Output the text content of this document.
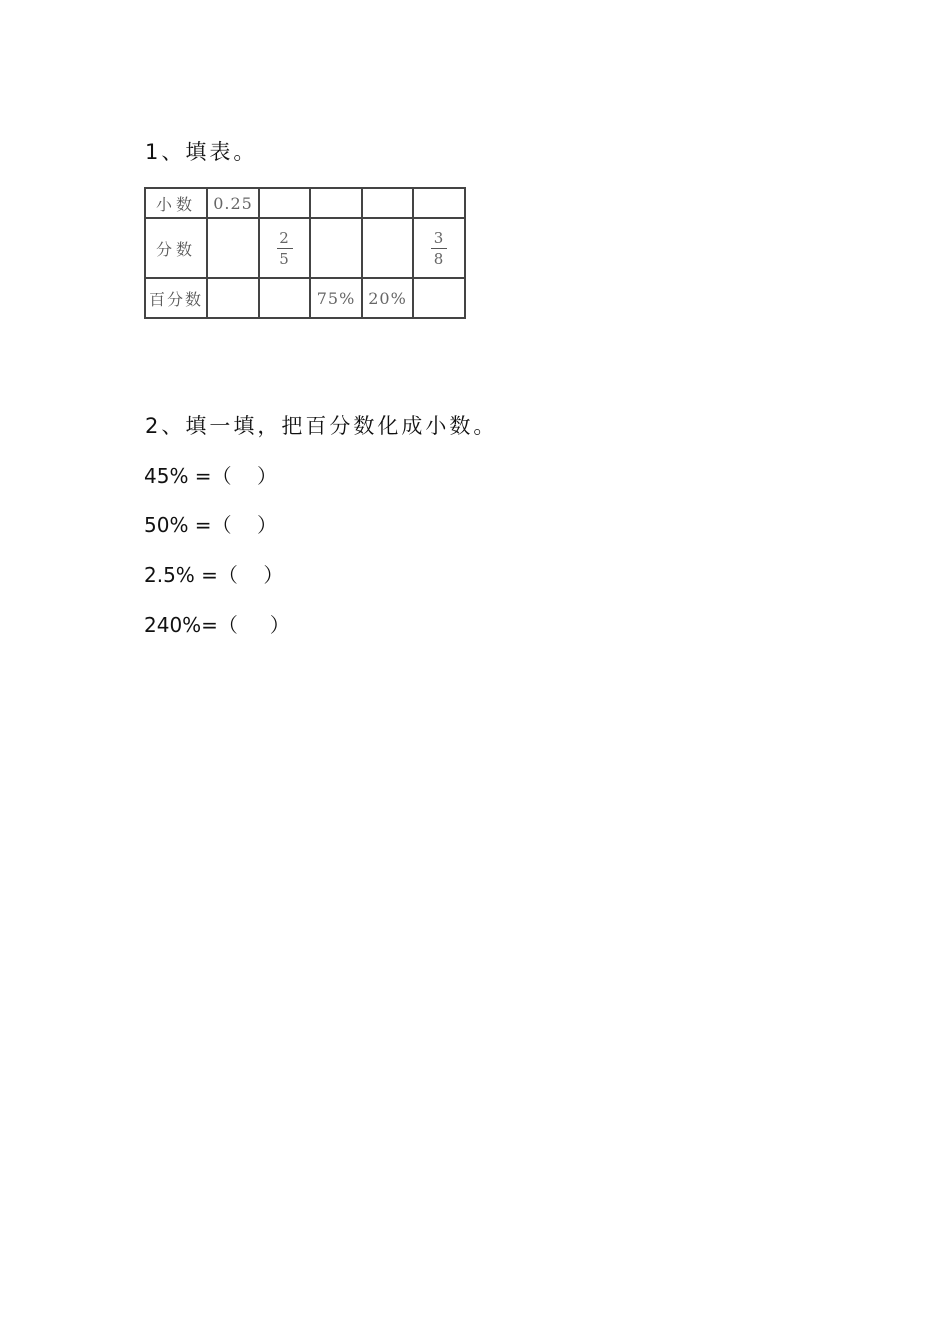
1、填表。
小数	0.25				
分数		$\frac{2}{5}$			$\frac{3}{8}$

百分数			75%	20%	
2、填一填，把百分数化成小数。
45% =（    ）
50% =（    ）
2.5% =（    ）
240%=（     ）
